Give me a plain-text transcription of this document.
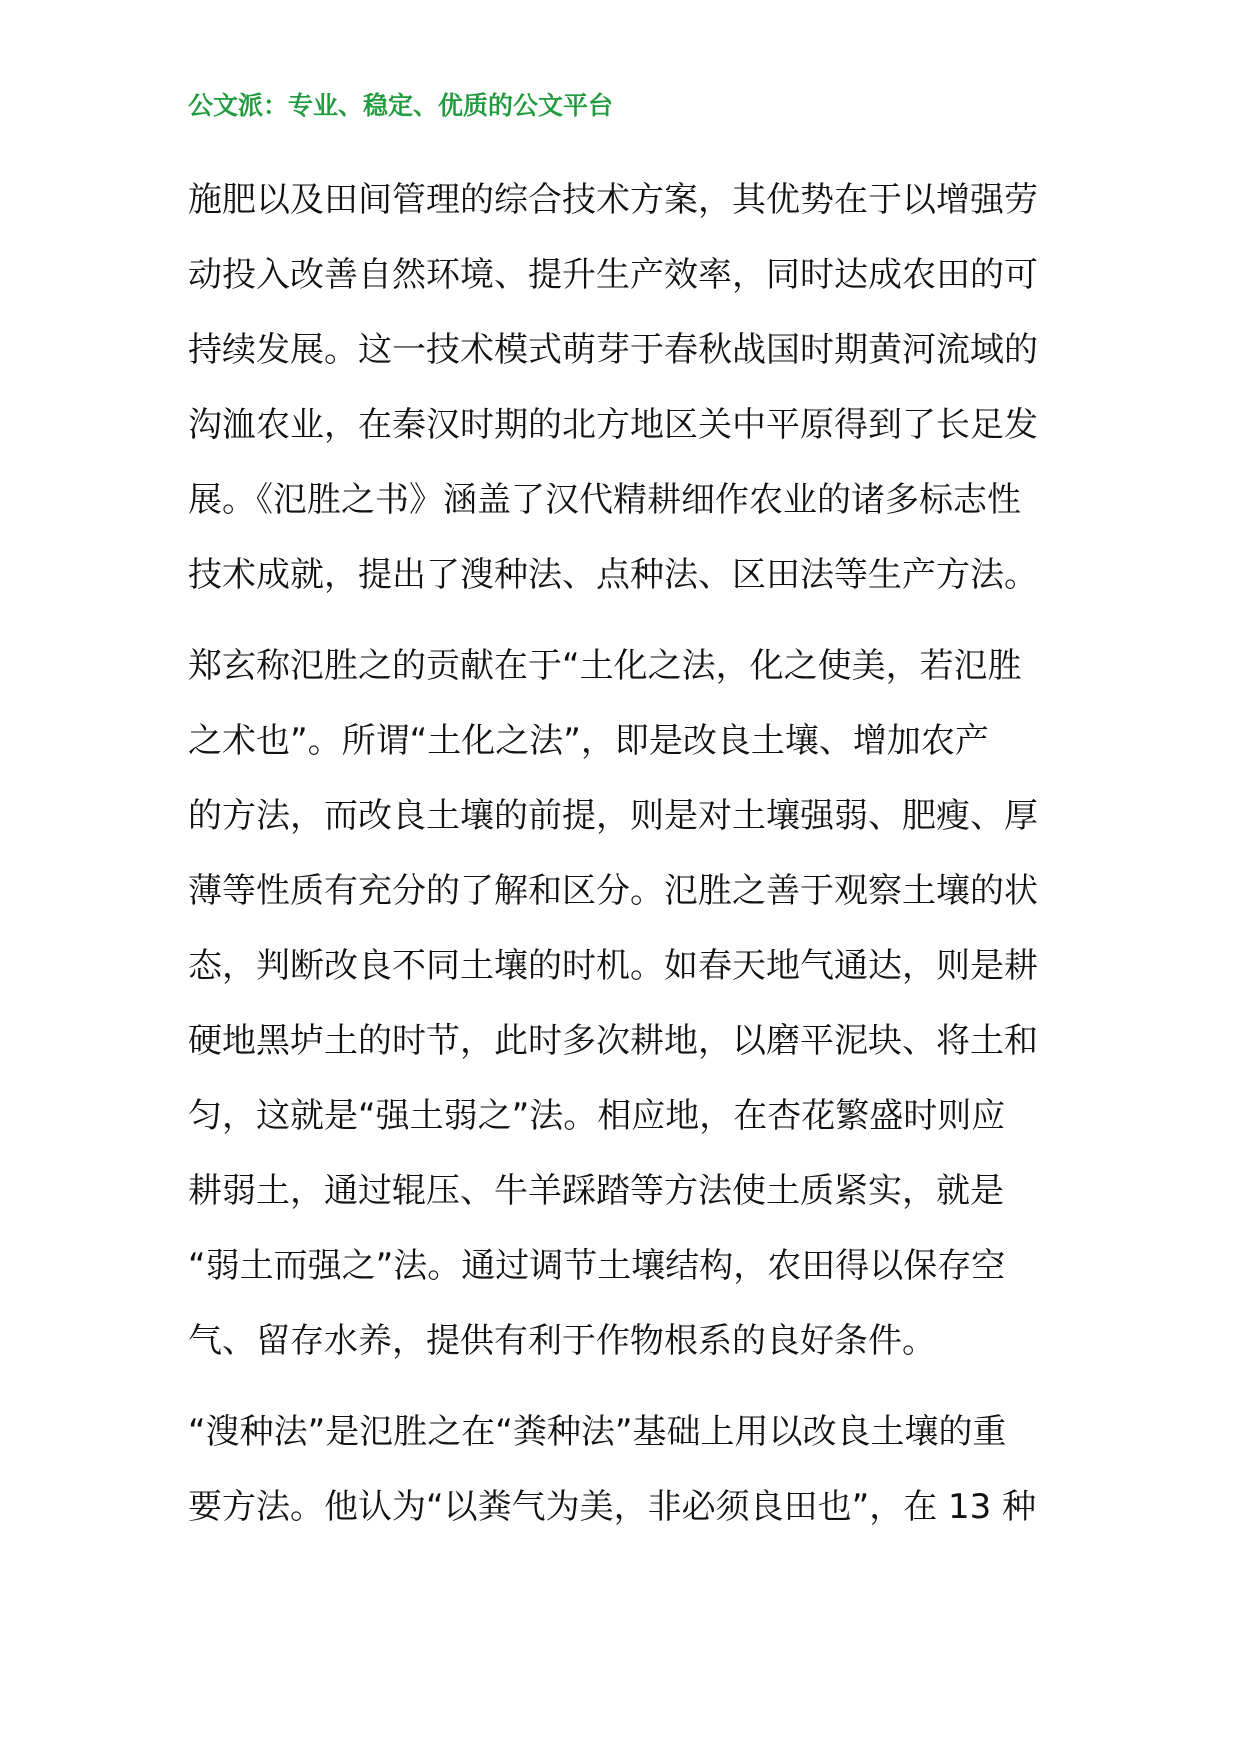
公文派：专业、稳定、优质的公文平台
施肥以及田间管理的综合技术方案，其优势在于以增强劳
动投入改善自然环境、提升生产效率，同时达成农田的可
持续发展。这一技术模式萌芽于春秋战国时期黄河流域的
沟洫农业，在秦汉时期的北方地区关中平原得到了长足发
展。《氾胜之书》涵盖了汉代精耕细作农业的诸多标志性
技术成就，提出了溲种法、点种法、区田法等生产方法。
郑玄称氾胜之的贡献在于“土化之法，化之使美，若氾胜
之术也”。所谓“土化之法”，即是改良土壤、增加农产
的方法，而改良土壤的前提，则是对土壤强弱、肥瘦、厚
薄等性质有充分的了解和区分。氾胜之善于观察土壤的状
态，判断改良不同土壤的时机。如春天地气通达，则是耕
硬地黑垆土的时节，此时多次耕地，以磨平泥块、将土和
匀，这就是“强土弱之”法。相应地，在杏花繁盛时则应
耕弱土，通过辊压、牛羊踩踏等方法使土质紧实，就是
“弱土而强之”法。通过调节土壤结构，农田得以保存空
气、留存水养，提供有利于作物根系的良好条件。
“溲种法”是氾胜之在“粪种法”基础上用以改良土壤的重
要方法。他认为“以粪气为美，非必须良田也”，在 13 种
